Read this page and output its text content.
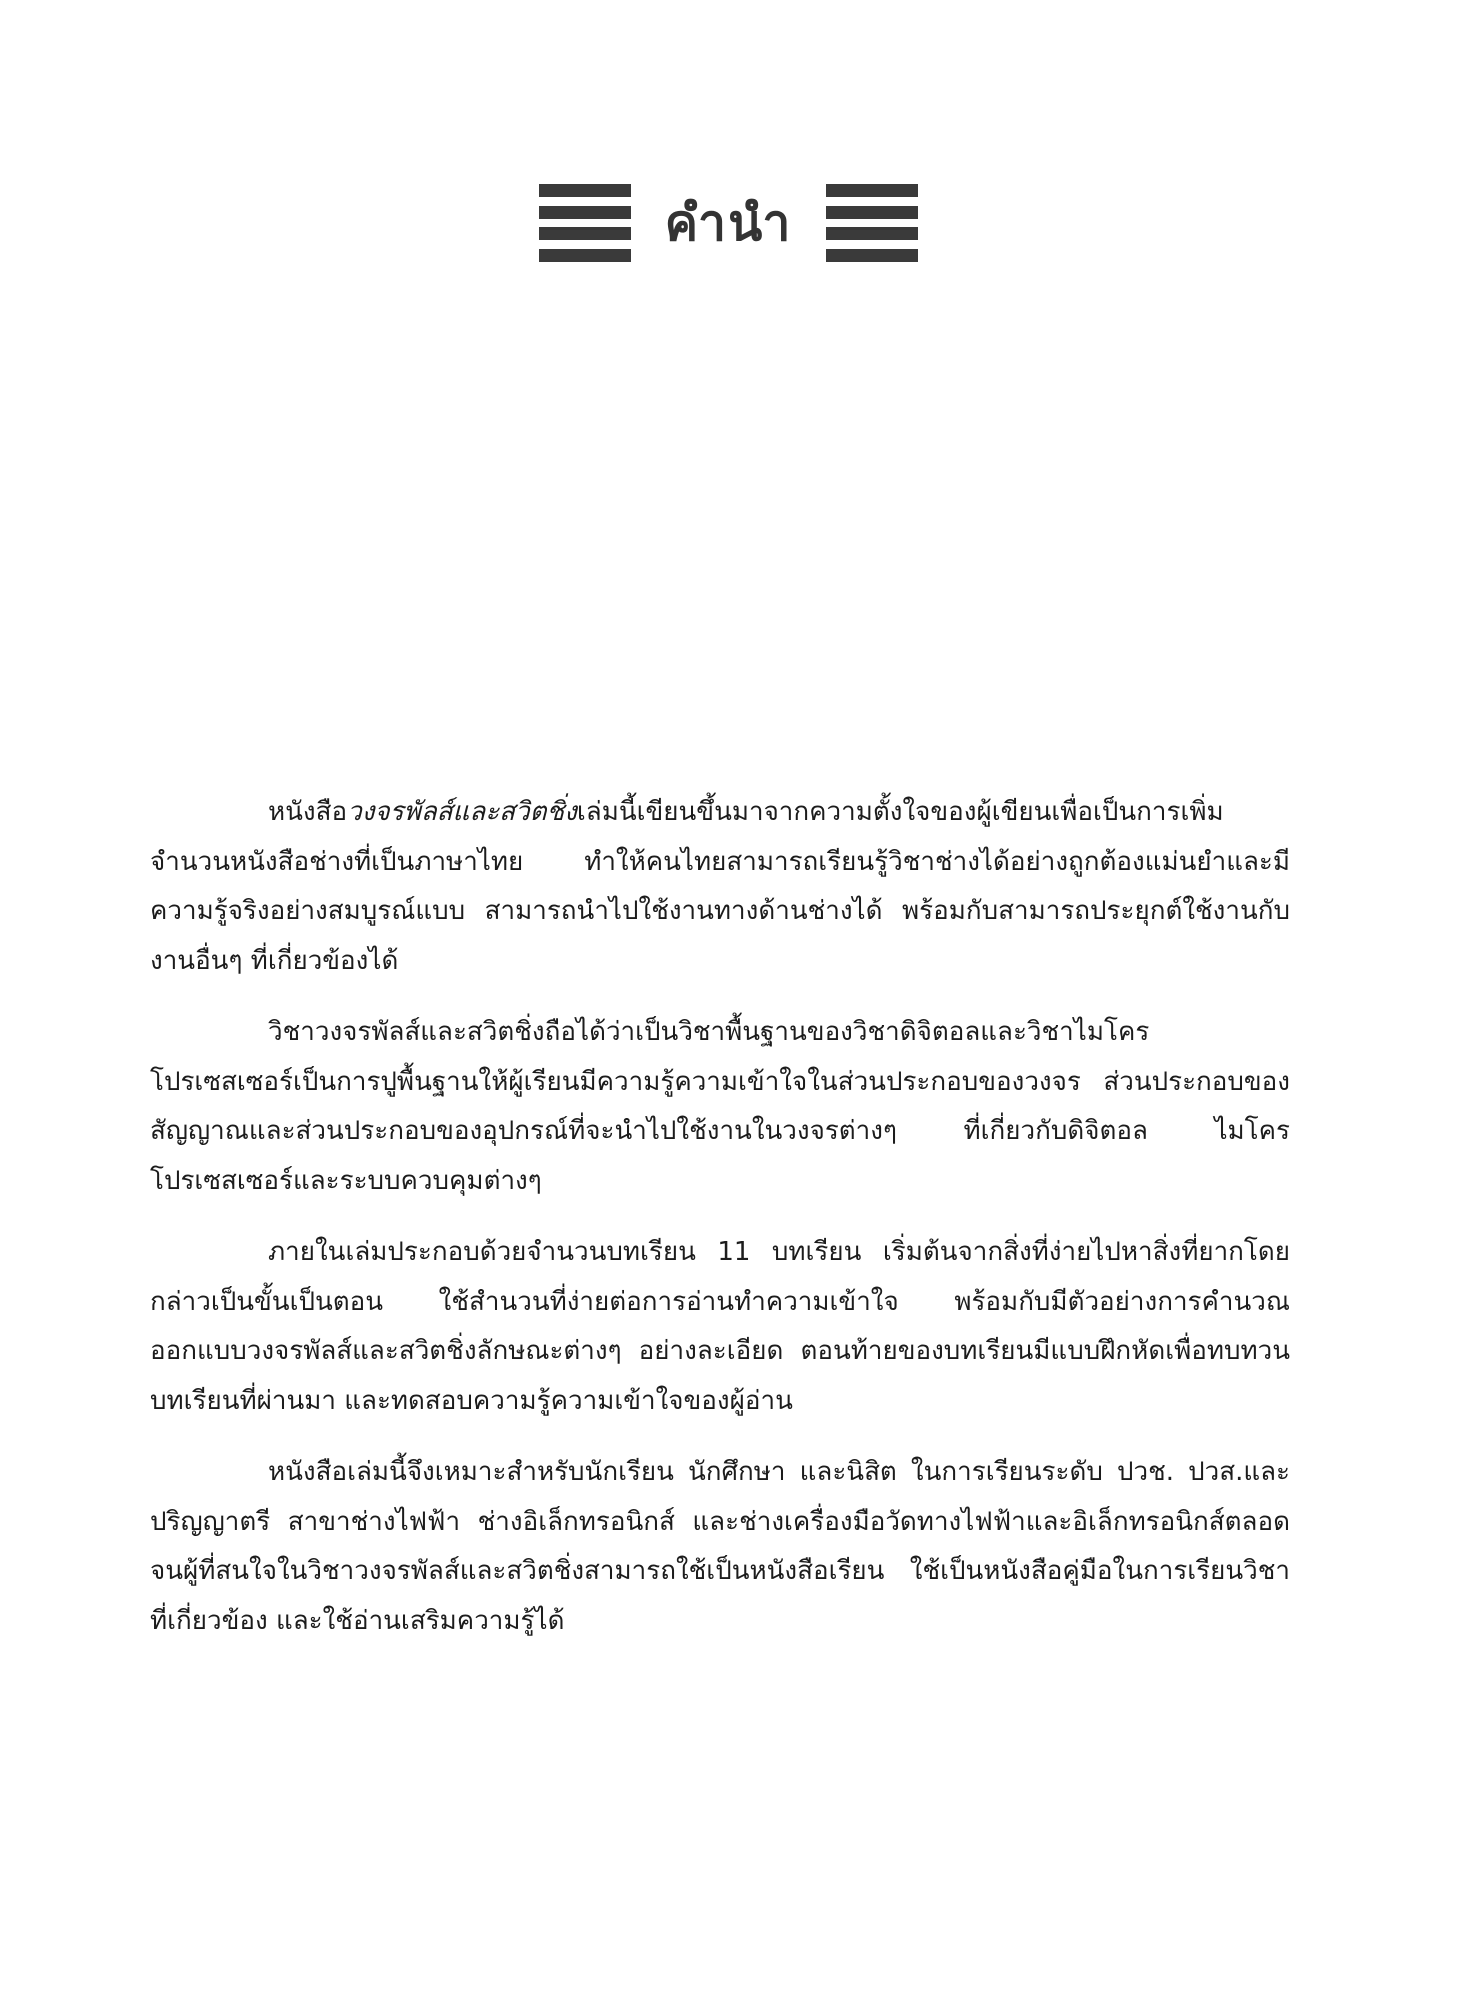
คำนำ

หนังสือวงจรพัลส์และสวิตชิ่งเล่มนี้เขียนขึ้นมาจากความตั้งใจของผู้เขียนเพื่อเป็นการเพิ่มจำนวนหนังสือช่างที่เป็นภาษาไทย ทำให้คนไทยสามารถเรียนรู้วิชาช่างได้อย่างถูกต้องแม่นยำและมีความรู้จริงอย่างสมบูรณ์แบบ สามารถนำไปใช้งานทางด้านช่างได้ พร้อมกับสามารถประยุกต์ใช้งานกับงานอื่นๆ ที่เกี่ยวข้องได้

วิชาวงจรพัลส์และสวิตชิ่งถือได้ว่าเป็นวิชาพื้นฐานของวิชาดิจิตอลและวิชาไมโครโปรเซสเซอร์เป็นการปูพื้นฐานให้ผู้เรียนมีความรู้ความเข้าใจในส่วนประกอบของวงจร ส่วนประกอบของสัญญาณและส่วนประกอบของอุปกรณ์ที่จะนำไปใช้งานในวงจรต่างๆ ที่เกี่ยวกับดิจิตอล ไมโครโปรเซสเซอร์และระบบควบคุมต่างๆ

ภายในเล่มประกอบด้วยจำนวนบทเรียน 11 บทเรียน เริ่มต้นจากสิ่งที่ง่ายไปหาสิ่งที่ยากโดยกล่าวเป็นขั้นเป็นตอน ใช้สำนวนที่ง่ายต่อการอ่านทำความเข้าใจ พร้อมกับมีตัวอย่างการคำนวณออกแบบวงจรพัลส์และสวิตชิ่งลักษณะต่างๆ อย่างละเอียด ตอนท้ายของบทเรียนมีแบบฝึกหัดเพื่อทบทวนบทเรียนที่ผ่านมา และทดสอบความรู้ความเข้าใจของผู้อ่าน

หนังสือเล่มนี้จึงเหมาะสำหรับนักเรียน นักศึกษา และนิสิต ในการเรียนระดับ ปวช. ปวส.และปริญญาตรี สาขาช่างไฟฟ้า ช่างอิเล็กทรอนิกส์ และช่างเครื่องมือวัดทางไฟฟ้าและอิเล็กทรอนิกส์ตลอดจนผู้ที่สนใจในวิชาวงจรพัลส์และสวิตชิ่งสามารถใช้เป็นหนังสือเรียน ใช้เป็นหนังสือคู่มือในการเรียนวิชาที่เกี่ยวข้อง และใช้อ่านเสริมความรู้ได้
